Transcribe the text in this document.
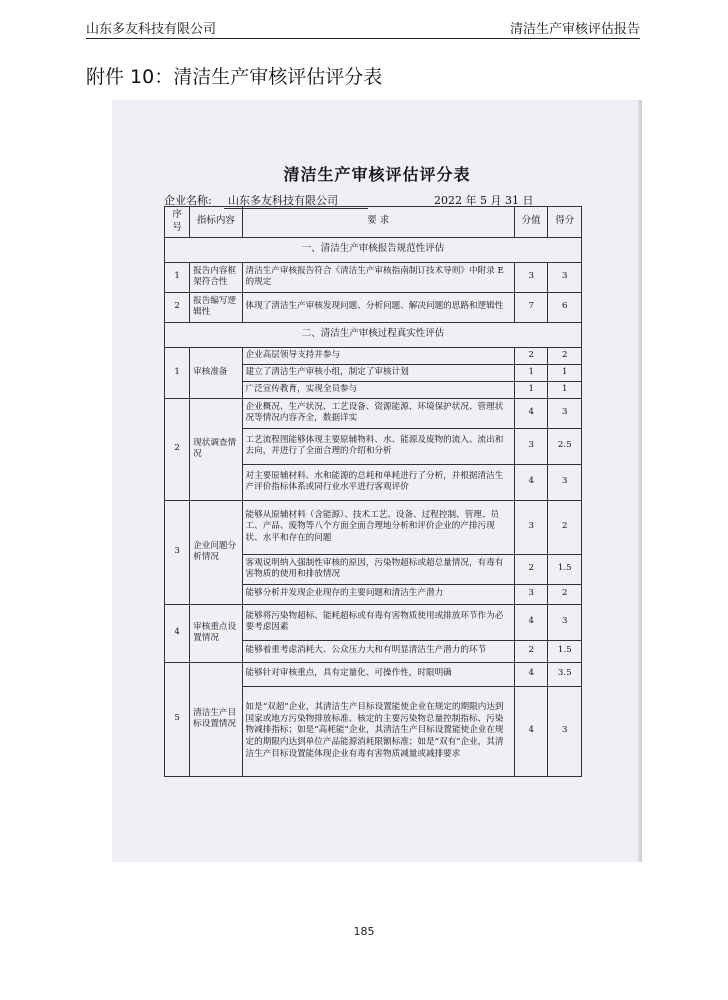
山东多友科技有限公司	清洁生产审核评估报告
附件 10：清洁生产审核评估评分表
清洁生产审核评估评分表
企业名称:	山东多友科技有限公司	2022 年 5 月 31 日
序号	指标内容	要 求	分值	得分
一、清洁生产审核报告规范性评估				
1	报告内容框架符合性	清洁生产审核报告符合《清洁生产审核指南制订技术导则》中附录 E 的规定	3	3
2	报告编写逻辑性	体现了清洁生产审核发现问题、分析问题、解决问题的思路和逻辑性	7	6
二、清洁生产审核过程真实性评估				
1	审核准备	企业高层领导支持并参与	2	2
		建立了清洁生产审核小组，制定了审核计划	1	1
		广泛宣传教育，实现全员参与	1	1
2	现状调查情况	企业概况、生产状况、工艺设备、资源能源、环境保护状况、管理状况等情况内容齐全，数据详实	4	3
		工艺流程图能够体现主要原辅物料、水、能源及废物的流入、流出和去向，并进行了全面合理的介绍和分析	3	2.5
		对主要原辅材料、水和能源的总耗和单耗进行了分析，并根据清洁生产评价指标体系或同行业水平进行客观评价	4	3
3	企业问题分析情况	能够从原辅材料（含能源）、技术工艺、设备、过程控制、管理、员工、产品、废物等八个方面全面合理地分析和评价企业的产排污现状、水平和存在的问题	3	2
		客观说明纳入强制性审核的原因，污染物超标或超总量情况，有毒有害物质的使用和排放情况	2	1.5
		能够分析并发现企业现存的主要问题和清洁生产潜力	3	2
4	审核重点设置情况	能够将污染物超标、能耗超标或有毒有害物质使用或排放环节作为必要考虑因素	4	3
		能够着重考虑消耗大、公众压力大和有明显清洁生产潜力的环节	2	1.5
5	清洁生产目标设置情况	能够针对审核重点，具有定量化、可操作性，时限明确	4	3.5
		如是“双超”企业，其清洁生产目标设置能使企业在规定的期限内达到国家或地方污染物排放标准、核定的主要污染物总量控制指标、污染物减排指标；如是“高耗能”企业，其清洁生产目标设置能使企业在规定的期限内达到单位产品能源消耗限额标准；如是“双有”企业，其清洁生产目标设置能体现企业有毒有害物质减量或减排要求	4	3
185
